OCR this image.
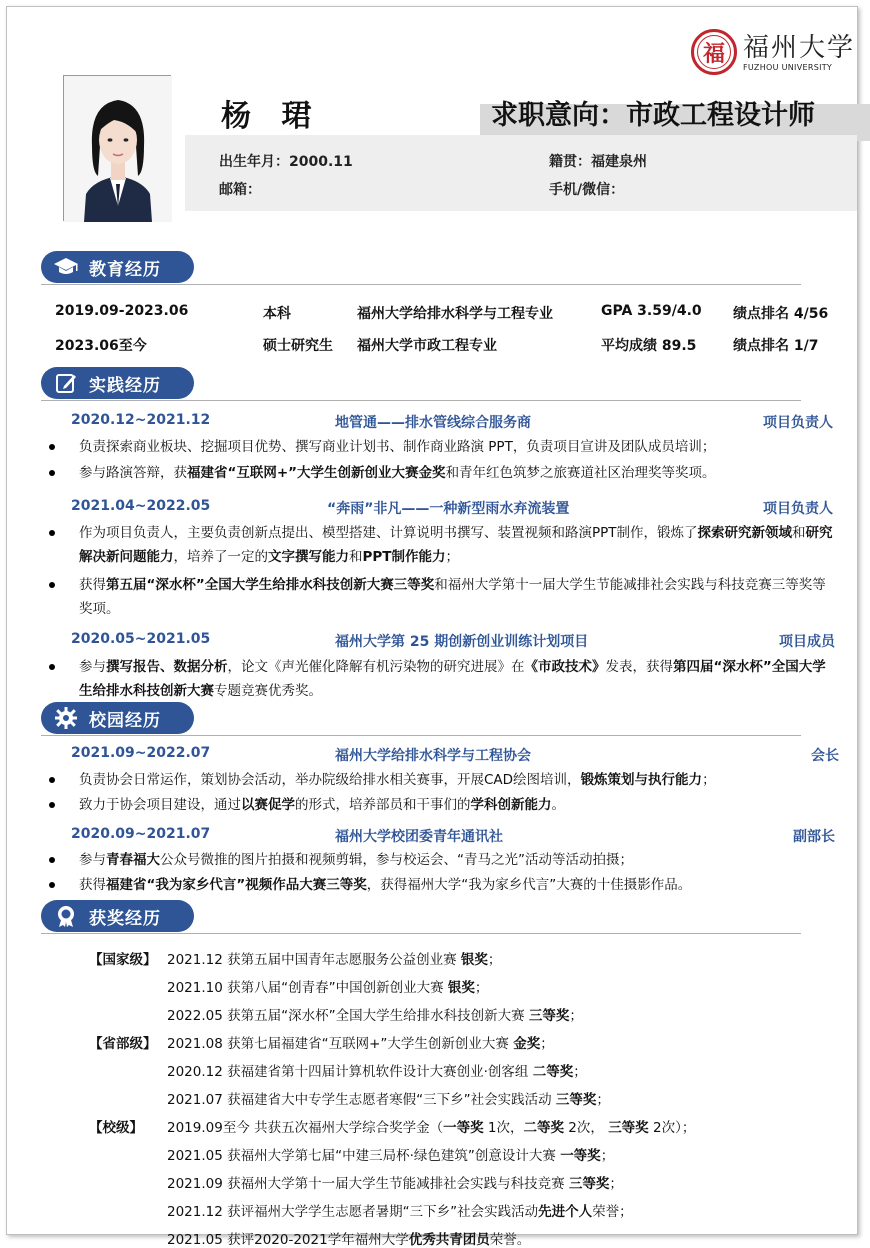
福 福州大学
FUZHOU UNIVERSITY
杨 珺	求职意向：市政工程设计师
出生年月：2000.11	籍贯：福建泉州
邮箱：	手机/微信：
教育经历
2019.09-2023.06	本科	福州大学给排水科学与工程专业	GPA 3.59/4.0 绩点排名 4/56
2023.06至今	硕士研究生 福州大学市政工程专业	平均成绩 89.5	绩点排名 1/7
实践经历
2020.12~2021.12	地管通——排水管线综合服务商	项目负责人
负责探索商业板块、挖掘项目优势、撰写商业计划书、制作商业路演 PPT，负责项目宣讲及团队成员培训；
参与路演答辩，获福建省“互联网+”大学生创新创业大赛金奖和青年红色筑梦之旅赛道社区治理奖等奖项。
2021.04~2022.05	“奔雨”非凡——一种新型雨水弃流装置	项目负责人
作为项目负责人，主要负责创新点提出、模型搭建、计算说明书撰写、装置视频和路演PPT制作，锻炼了探索研究新领域和研究解决新问题能力，培养了一定的文字撰写能力和PPT制作能力；
获得第五届“深水杯”全国大学生给排水科技创新大赛三等奖和福州大学第十一届大学生节能减排社会实践与科技竞赛三等奖等奖项。
2020.05~2021.05	福州大学第 25 期创新创业训练计划项目	项目成员
参与撰写报告、数据分析，论文《声光催化降解有机污染物的研究进展》在《市政技术》发表，获得第四届“深水杯”全国大学生给排水科技创新大赛专题竞赛优秀奖。
校园经历
2021.09~2022.07	福州大学给排水科学与工程协会	会长
负责协会日常运作，策划协会活动，举办院级给排水相关赛事，开展CAD绘图培训，锻炼策划与执行能力；
致力于协会项目建设，通过以赛促学的形式，培养部员和干事们的学科创新能力。
2020.09~2021.07	福州大学校团委青年通讯社	副部长
参与青春福大公众号微推的图片拍摄和视频剪辑，参与校运会、“青马之光”活动等活动拍摄；
获得福建省“我为家乡代言”视频作品大赛三等奖，获得福州大学“我为家乡代言”大赛的十佳摄影作品。
获奖经历
【国家级】 2021.12 获第五届中国青年志愿服务公益创业赛 银奖；
2021.10 获第八届“创青春”中国创新创业大赛 银奖；
2022.05 获第五届“深水杯”全国大学生给排水科技创新大赛 三等奖；
【省部级】 2021.08 获第七届福建省“互联网+”大学生创新创业大赛 金奖；
2020.12 获福建省第十四届计算机软件设计大赛创业·创客组 二等奖；
2021.07 获福建省大中专学生志愿者寒假“三下乡”社会实践活动 三等奖；
【校级】 2019.09至今 共获五次福州大学综合奖学金（一等奖 1次，二等奖 2次， 三等奖 2次）；
2021.05 获福州大学第七届“中建三局杯·绿色建筑”创意设计大赛 一等奖；
2021.09 获福州大学第十一届大学生节能减排社会实践与科技竞赛 三等奖；
2021.12 获评福州大学学生志愿者暑期“三下乡”社会实践活动先进个人荣誉；
2021.05 获评2020-2021学年福州大学优秀共青团员荣誉。
